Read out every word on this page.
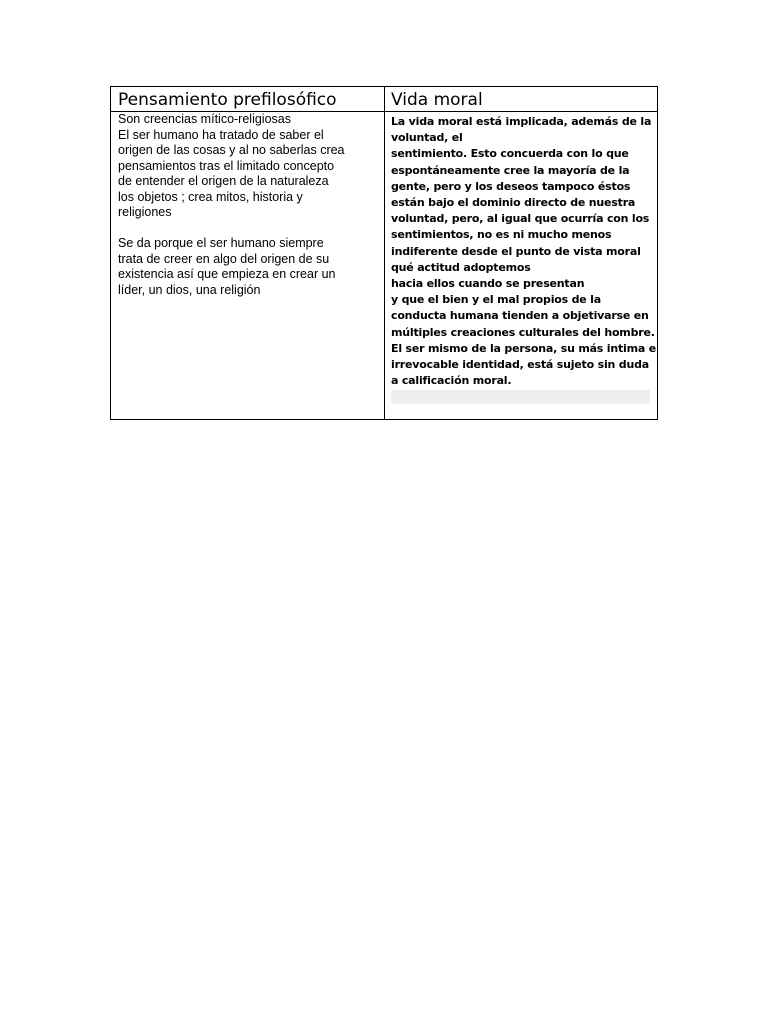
Pensamiento prefilosófico	Vida moral
Son creencias mítico-religiosas
El ser humano ha tratado de saber el
origen de las cosas y al no saberlas crea
pensamientos tras el limitado concepto
de entender el origen de la naturaleza
los objetos ; crea mitos, historia y
religiones
Se da porque el ser humano siempre
trata de creer en algo del origen de su
existencia así que empieza en crear un
líder, un dios, una religión
La vida moral está implicada, además de la
voluntad, el
sentimiento. Esto concuerda con lo que
espontáneamente cree la mayoría de la
gente, pero y los deseos tampoco éstos
están bajo el dominio directo de nuestra
voluntad, pero, al igual que ocurría con los
sentimientos, no es ni mucho menos
indiferente desde el punto de vista moral
qué actitud adoptemos
hacia ellos cuando se presentan
y que el bien y el mal propios de la
conducta humana tienden a objetivarse en
múltiples creaciones culturales del hombre.
El ser mismo de la persona, su más intima e
irrevocable identidad, está sujeto sin duda
a calificación moral.
